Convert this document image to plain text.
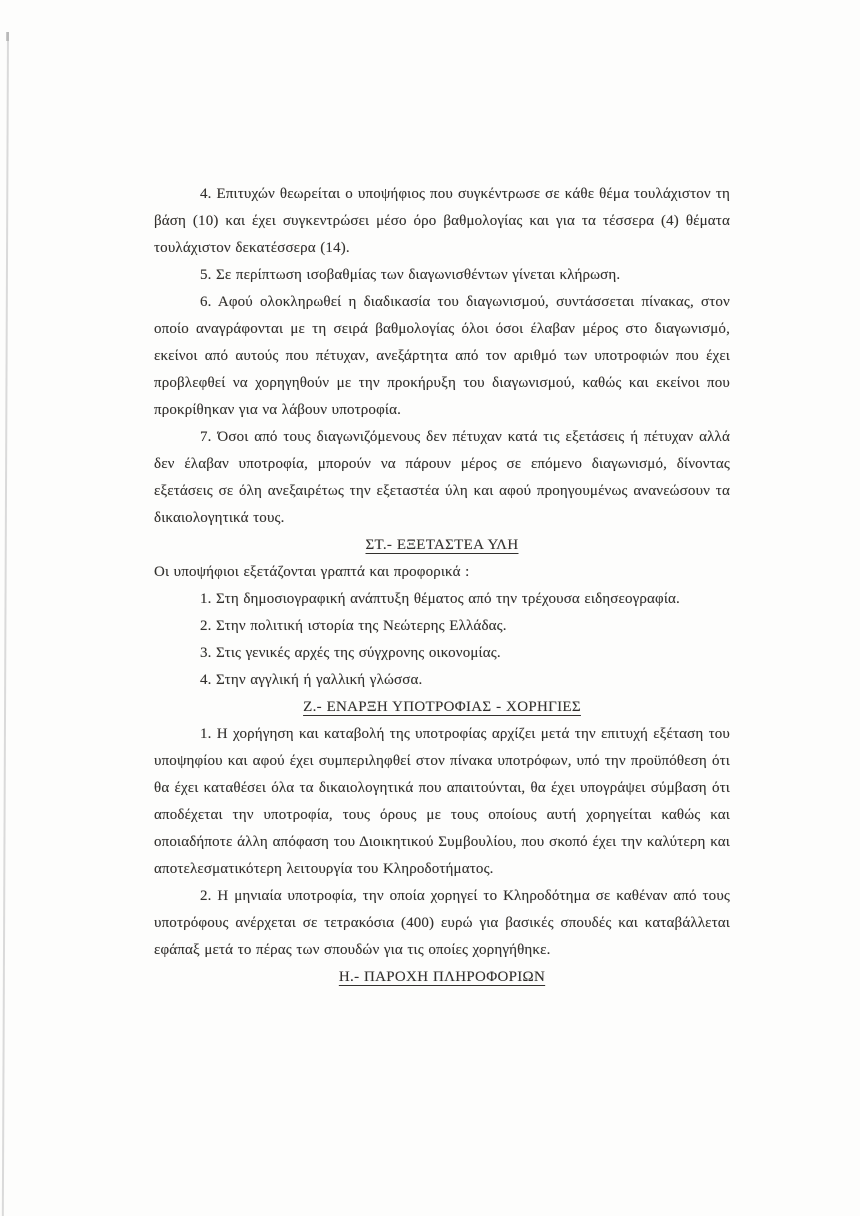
4. Επιτυχών θεωρείται ο υποψήφιος που συγκέντρωσε σε κάθε θέμα τουλάχιστον τη βάση (10) και έχει συγκεντρώσει μέσο όρο βαθμολογίας και για τα τέσσερα (4) θέματα τουλάχιστον δεκατέσσερα (14).

5. Σε περίπτωση ισοβαθμίας των διαγωνισθέντων γίνεται κλήρωση.

6. Αφού ολοκληρωθεί η διαδικασία του διαγωνισμού, συντάσσεται πίνακας, στον οποίο αναγράφονται με τη σειρά βαθμολογίας όλοι όσοι έλαβαν μέρος στο διαγωνισμό, εκείνοι από αυτούς που πέτυχαν, ανεξάρτητα από τον αριθμό των υποτροφιών που έχει προβλεφθεί να χορηγηθούν με την προκήρυξη του διαγωνισμού, καθώς και εκείνοι που προκρίθηκαν για να λάβουν υποτροφία.

7. Όσοι από τους διαγωνιζόμενους δεν πέτυχαν κατά τις εξετάσεις ή πέτυχαν αλλά δεν έλαβαν υποτροφία, μπορούν να πάρουν μέρος σε επόμενο διαγωνισμό, δίνοντας εξετάσεις σε όλη ανεξαιρέτως την εξεταστέα ύλη και αφού προηγουμένως ανανεώσουν τα δικαιολογητικά τους.

ΣΤ.- ΕΞΕΤΑΣΤΕΑ ΥΛΗ

Οι υποψήφιοι εξετάζονται γραπτά και προφορικά :

1. Στη δημοσιογραφική ανάπτυξη θέματος από την τρέχουσα ειδησεογραφία.

2. Στην πολιτική ιστορία της Νεώτερης Ελλάδας.

3. Στις γενικές αρχές της σύγχρονης οικονομίας.

4. Στην αγγλική ή γαλλική γλώσσα.

Ζ.- ΕΝΑΡΞΗ ΥΠΟΤΡΟΦΙΑΣ - ΧΟΡΗΓΙΕΣ

1. Η χορήγηση και καταβολή της υποτροφίας αρχίζει μετά την επιτυχή εξέταση του υποψηφίου και αφού έχει συμπεριληφθεί στον πίνακα υποτρόφων, υπό την προϋπόθεση ότι θα έχει καταθέσει όλα τα δικαιολογητικά που απαιτούνται, θα έχει υπογράψει σύμβαση ότι αποδέχεται την υποτροφία, τους όρους με τους οποίους αυτή χορηγείται καθώς και οποιαδήποτε άλλη απόφαση του Διοικητικού Συμβουλίου, που σκοπό έχει την καλύτερη και αποτελεσματικότερη λειτουργία του Κληροδοτήματος.

2. Η μηνιαία υποτροφία, την οποία χορηγεί το Κληροδότημα σε καθέναν από τους υποτρόφους ανέρχεται σε τετρακόσια (400) ευρώ για βασικές σπουδές και καταβάλλεται εφάπαξ μετά το πέρας των σπουδών για τις οποίες χορηγήθηκε.

Η.- ΠΑΡΟΧΗ ΠΛΗΡΟΦΟΡΙΩΝ
